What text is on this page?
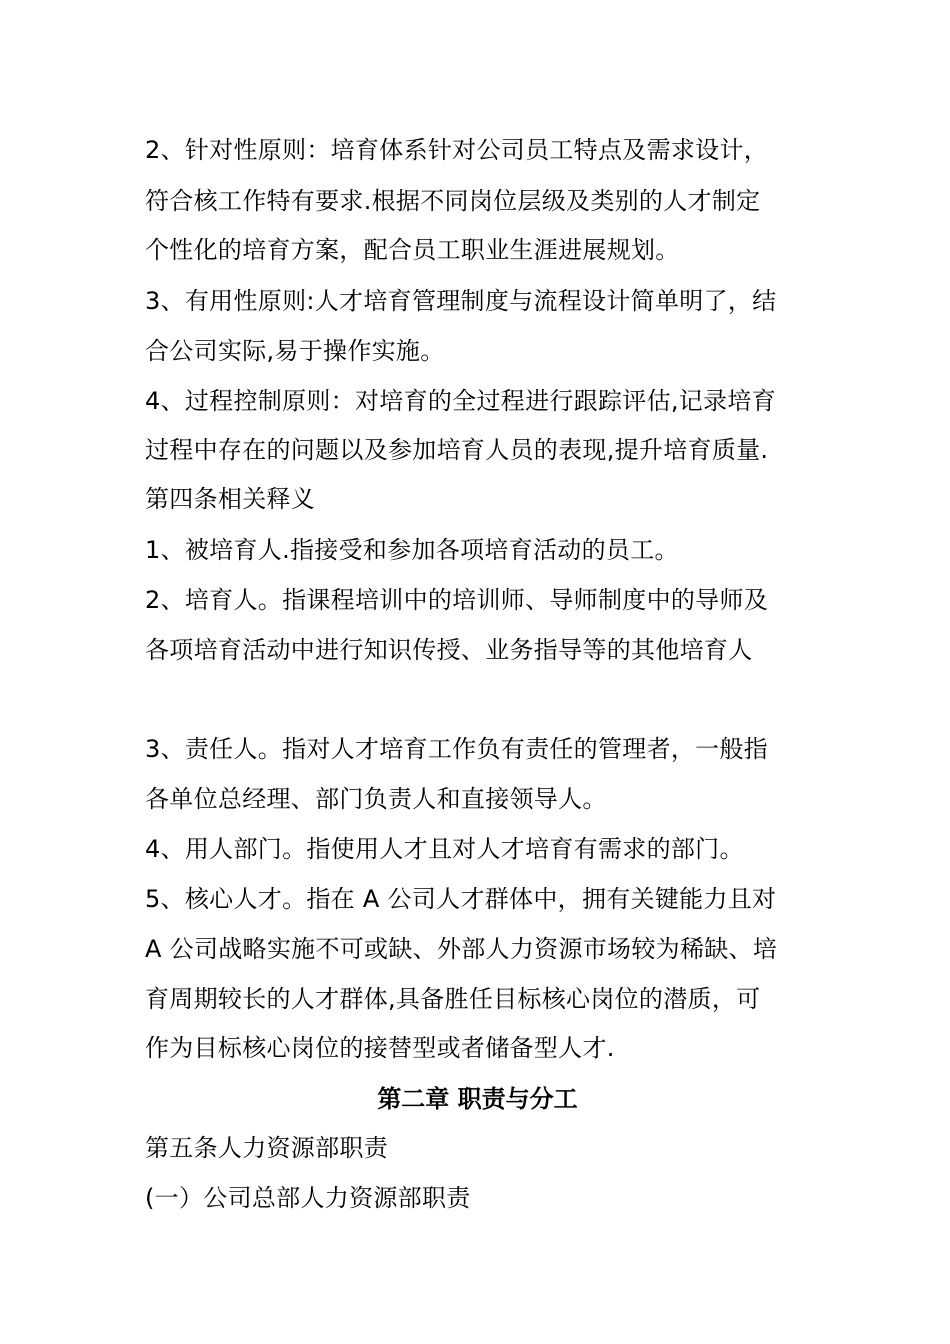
2、针对性原则：培育体系针对公司员工特点及需求设计，
符合核工作特有要求.根据不同岗位层级及类别的人才制定
个性化的培育方案，配合员工职业生涯进展规划。
3、有用性原则:人才培育管理制度与流程设计简单明了，结
合公司实际,易于操作实施。
4、过程控制原则：对培育的全过程进行跟踪评估,记录培育
过程中存在的问题以及参加培育人员的表现,提升培育质量.
第四条相关释义
1、被培育人.指接受和参加各项培育活动的员工。
2、培育人。指课程培训中的培训师、导师制度中的导师及
各项培育活动中进行知识传授、业务指导等的其他培育人
3、责任人。指对人才培育工作负有责任的管理者，一般指
各单位总经理、部门负责人和直接领导人。
4、用人部门。指使用人才且对人才培育有需求的部门。
5、核心人才。指在 A 公司人才群体中，拥有关键能力且对
A 公司战略实施不可或缺、外部人力资源市场较为稀缺、培
育周期较长的人才群体,具备胜任目标核心岗位的潜质，可
作为目标核心岗位的接替型或者储备型人才.
第二章 职责与分工
第五条人力资源部职责
(一）公司总部人力资源部职责
